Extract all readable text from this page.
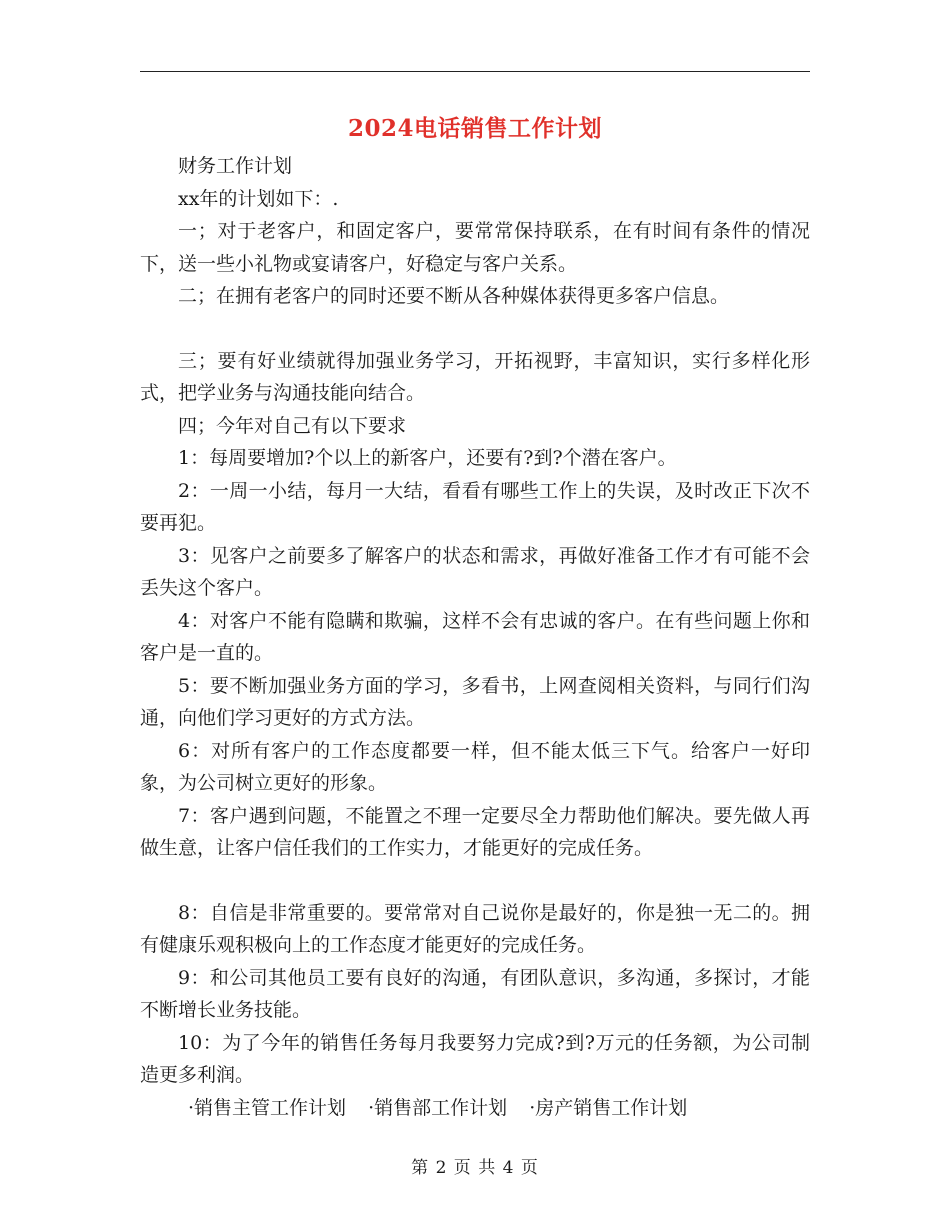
2024电话销售工作计划

财务工作计划

xx年的计划如下：.

一；对于老客户，和固定客户，要常常保持联系，在有时间有条件的情况下，送一些小礼物或宴请客户，好稳定与客户关系。

二；在拥有老客户的同时还要不断从各种媒体获得更多客户信息。

三；要有好业绩就得加强业务学习，开拓视野，丰富知识，实行多样化形式，把学业务与沟通技能向结合。

四；今年对自己有以下要求

1：每周要增加?个以上的新客户，还要有?到?个潜在客户。

2：一周一小结，每月一大结，看看有哪些工作上的失误，及时改正下次不要再犯。

3：见客户之前要多了解客户的状态和需求，再做好准备工作才有可能不会丢失这个客户。

4：对客户不能有隐瞒和欺骗，这样不会有忠诚的客户。在有些问题上你和客户是一直的。

5：要不断加强业务方面的学习，多看书，上网查阅相关资料，与同行们沟通，向他们学习更好的方式方法。

6：对所有客户的工作态度都要一样，但不能太低三下气。给客户一好印象，为公司树立更好的形象。

7：客户遇到问题，不能置之不理一定要尽全力帮助他们解决。要先做人再做生意，让客户信任我们的工作实力，才能更好的完成任务。

8：自信是非常重要的。要常常对自己说你是最好的，你是独一无二的。拥有健康乐观积极向上的工作态度才能更好的完成任务。

9：和公司其他员工要有良好的沟通，有团队意识，多沟通，多探讨，才能不断增长业务技能。

10：为了今年的销售任务每月我要努力完成?到?万元的任务额，为公司制造更多利润。

·销售主管工作计划 ·销售部工作计划 ·房产销售工作计划

第 2 页 共 4 页
